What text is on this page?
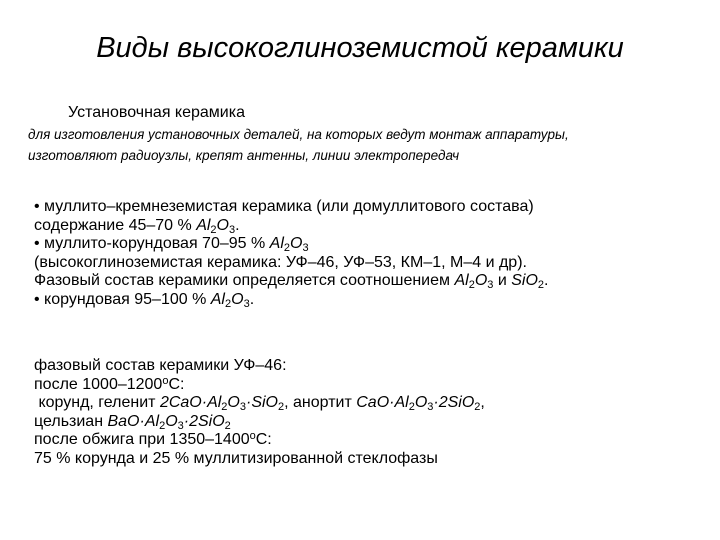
Виды высокоглиноземистой керамики
Установочная керамика
для изготовления установочных деталей, на которых ведут монтаж аппаратуры,
изготовляют радиоузлы, крепят антенны, линии электропередач
• муллито–кремнеземистая керамика (или домуллитового состава)
содержание 45–70 % $Al_2O_3$.
• муллито-корундовая 70–95 % $Al_2O_3$
(высокоглиноземистая керамика: УФ–46, УФ–53, КМ–1, М–4 и др).
Фазовый состав керамики определяется соотношением $Al_2O_3$ и SiO$_2$.
• корундовая 95–100 % $Al_2O_3$.
фазовый состав керамики УФ–46:
после $1000-1200^оС$:
корунд, геленит $2CaO\cdot Al_2O_3\cdot SiO_2$, анортит $CaO\cdot Al_2O_3\cdot 2SiO_2$,
цельзиан $BaO\cdot Al_2O_3\cdot 2SiO_2$
после обжига при $1350-1400^оС$:
75 % корунда и 25 % муллитизированной стеклофазы
